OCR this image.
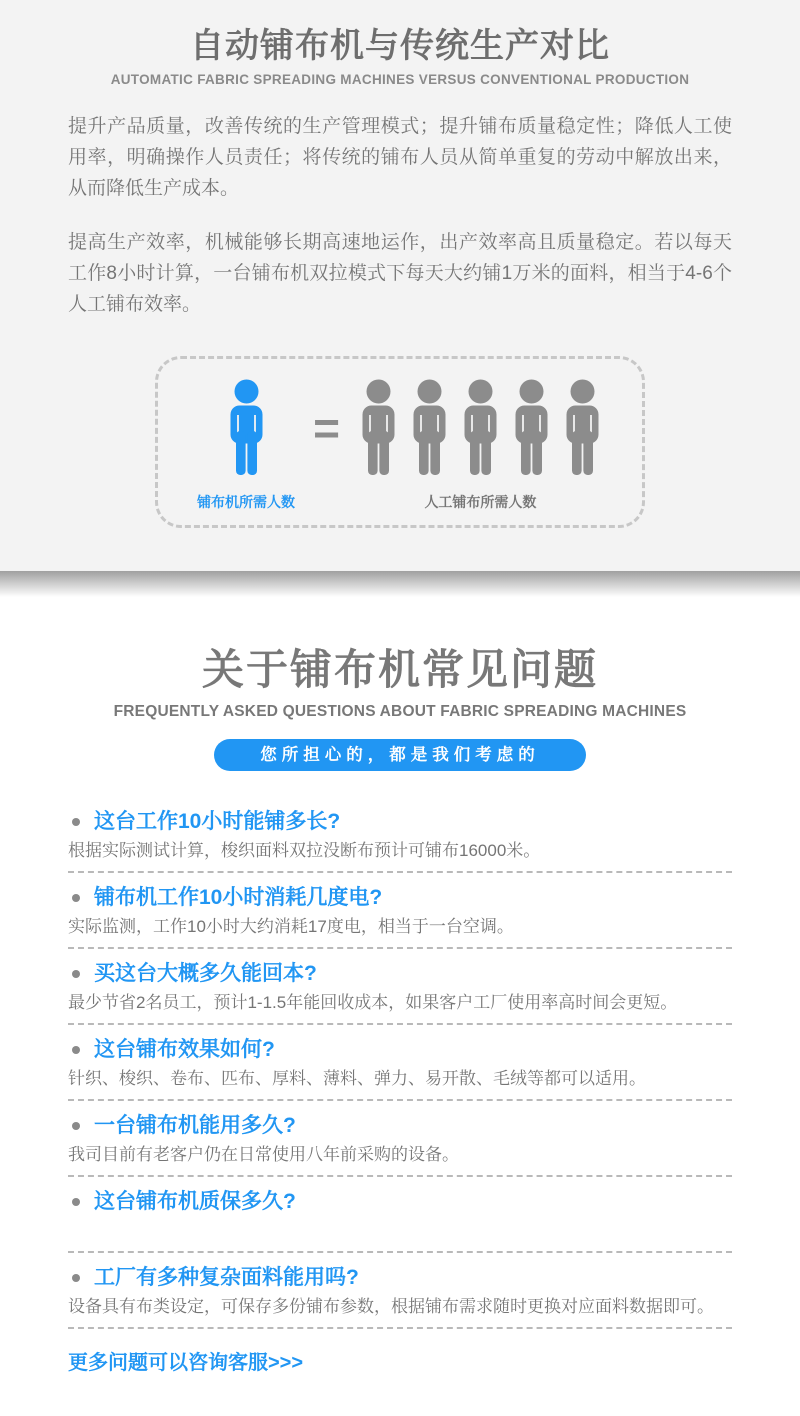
自动铺布机与传统生产对比
AUTOMATIC FABRIC SPREADING MACHINES VERSUS CONVENTIONAL PRODUCTION

提升产品质量，改善传统的生产管理模式；提升铺布质量稳定性；降低人工使用率，明确操作人员责任；将传统的铺布人员从简单重复的劳动中解放出来，从而降低生产成本。

提高生产效率，机械能够长期高速地运作，出产效率高且质量稳定。若以每天工作8小时计算，一台铺布机双拉模式下每天大约铺1万米的面料，相当于4-6个人工铺布效率。

铺布机所需人数
=
人工铺布所需人数
关于铺布机常见问题
FREQUENTLY ASKED QUESTIONS ABOUT FABRIC SPREADING MACHINES
您所担心的，都是我们考虑的
这台工作10小时能铺多长?
根据实际测试计算，梭织面料双拉没断布预计可铺布16000米。
铺布机工作10小时消耗几度电?
实际监测，工作10小时大约消耗17度电，相当于一台空调。
买这台大概多久能回本?
最少节省2名员工，预计1-1.5年能回收成本，如果客户工厂使用率高时间会更短。
这台铺布效果如何?
针织、梭织、卷布、匹布、厚料、薄料、弹力、易开散、毛绒等都可以适用。
一台铺布机能用多久?
我司目前有老客户仍在日常使用八年前采购的设备。
这台铺布机质保多久?
工厂有多种复杂面料能用吗?
设备具有布类设定，可保存多份铺布参数，根据铺布需求随时更换对应面料数据即可。
更多问题可以咨询客服>>>
